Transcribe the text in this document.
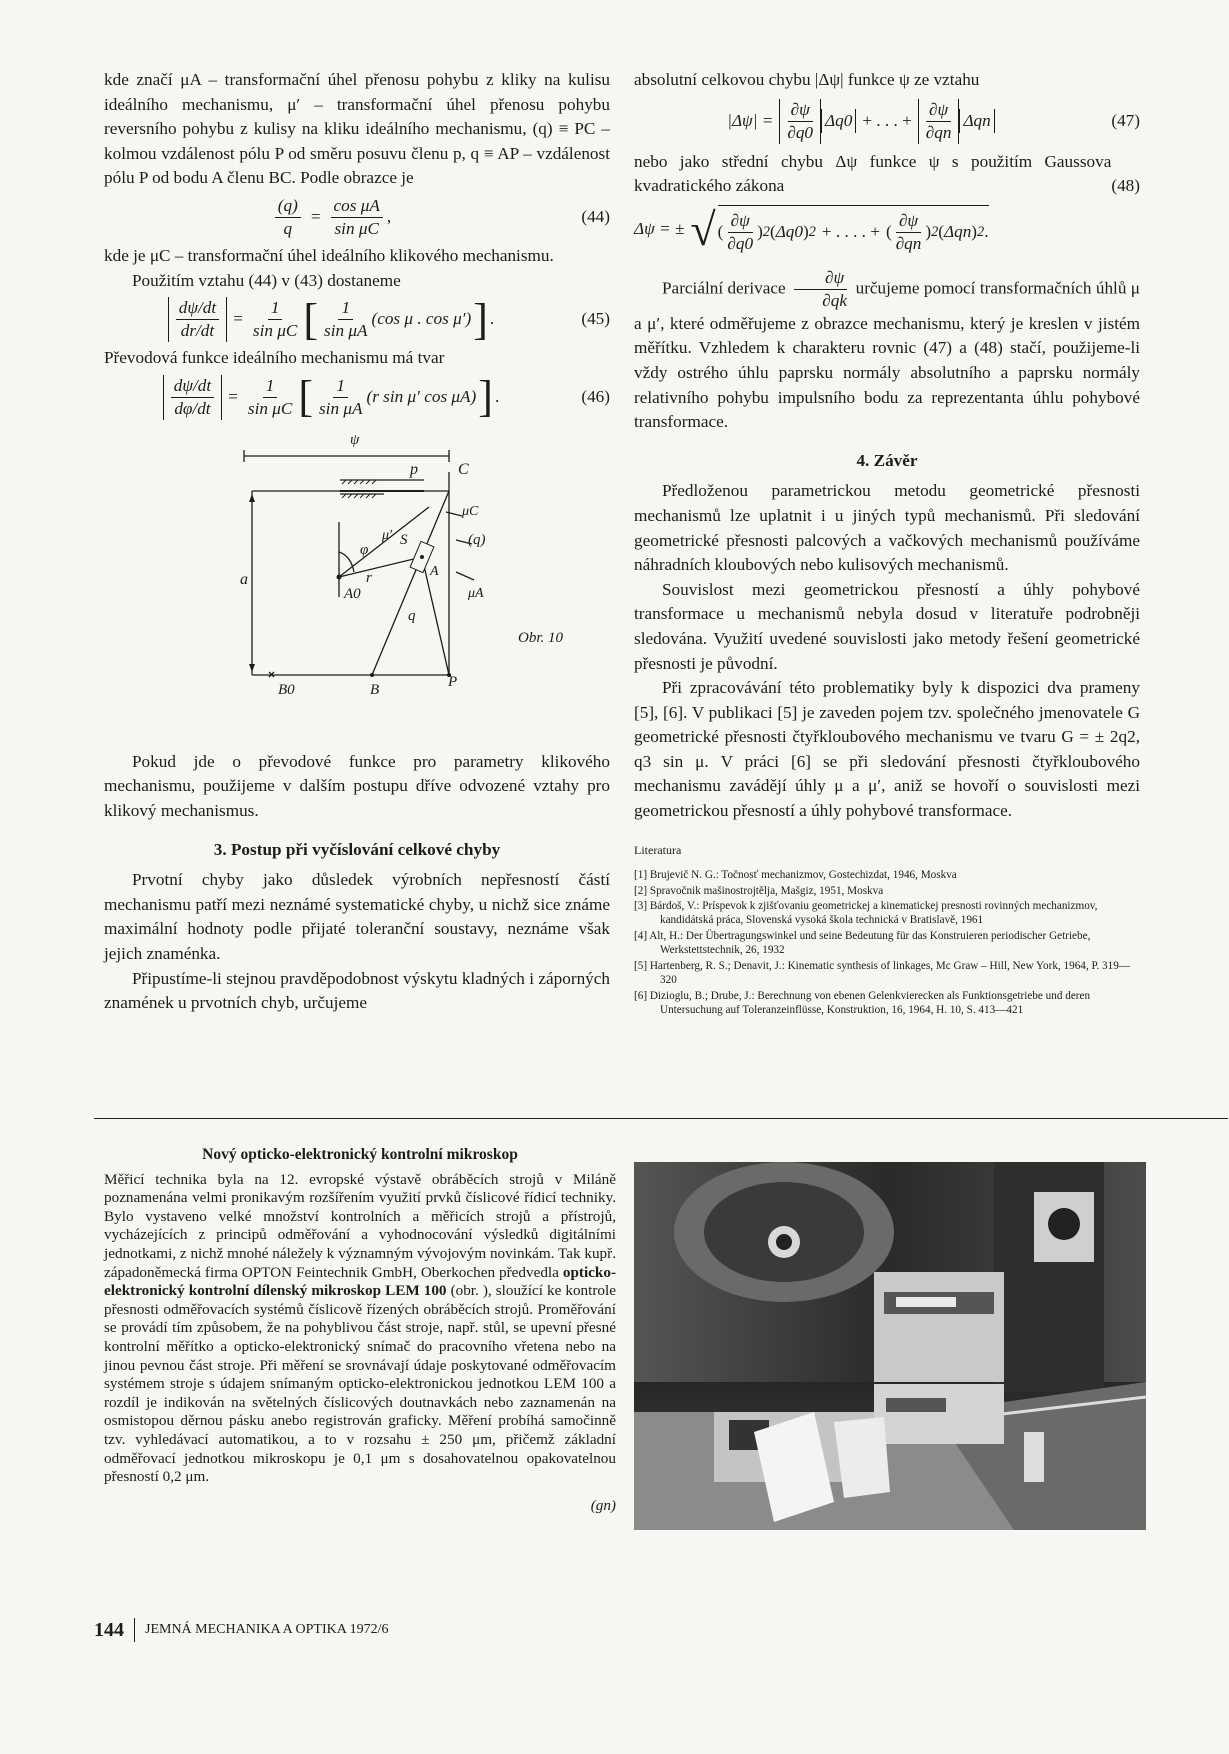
kde značí μA – transformační úhel přenosu pohybu z kliky na kulisu ideálního mechanismu, μ′ – transformační úhel přenosu pohybu reversního pohybu z kulisy na kliku ideálního mechanismu, (q) ≡ PC – kolmou vzdálenost pólu P od směru posuvu členu p, q ≡ AP – vzdálenost pólu P od bodu A členu BC. Podle obrazce je

$\frac{(q)}{q} = \frac{\text{cos μA}}{\text{sin μC}}$ ,	(44)

kde je μC – transformační úhel ideálního klikového mechanismu.

Použitím vztahu (44) v (43) dostaneme

$\frac{d\psi/dt}{dr/dt} = \frac{1}{\text{sin μC}}$ [ $\frac{1}{\text{sin μA}} (\cos$ μ . cos μ′) ] .	(45)

Převodová funkce ideálního mechanismu má tvar

$\frac{d\psi/dt}{d\varphi/dt} = \frac{1}{\text{sin μC}}$ [ $\frac{1}{\text{sin μA}} (r$ sin μ′ cos μA) ] .	(46)
ψ
p	C
μC
μ′ S
φ
A
(q)
r
a
A0	μA
q
B0	B	P
Obr. 10

Pokud jde o převodové funkce pro parametry klikového mechanismu, použijeme v dalším postupu dříve odvozené vztahy pro klikový mechanismus.

3. Postup při vyčíslování celkové chyby

Prvotní chyby jako důsledek výrobních nepřesností částí mechanismu patří mezi neznámé systematické chyby, u nichž sice známe maximální hodnoty podle přijaté toleranční soustavy, neznáme však jejich znaménka.

Připustíme-li stejnou pravděpodobnost výskytu kladných i záporných znamének u prvotních chyb, určujeme

absolutní celkovou chybu |Δψ| funkce ψ ze vztahu

$|\Delta\psi| = \frac{\partial\psi}{\partial q0} \Delta q0$ + . . . + $\frac{\partial\psi}{\partial qn}$ Δqn	(47)

nebo jako střední chybu Δψ funkce ψ s použitím Gaussova kvadratického zákona	(48)

Δψ = ± √ ( $\frac{\partial\psi}{\partial q0}$ ) 2 ( Δq0 ) 2 + . . . . + ( $\frac{\partial\psi}{\partial qn}$ ) 2 ( Δqn ) 2 .

Parciální derivace $\frac{\partial\psi}{\partial qk}$ určujeme pomocí transformačních úhlů μ a μ′, které odměřujeme z obrazce mechanismu, který je kreslen v jistém měřítku. Vzhledem k charakteru rovnic (47) a (48) stačí, použijeme-li vždy ostrého úhlu paprsku normály absolutního a paprsku normály relativního pohybu impulsního bodu za reprezentanta úhlu pohybové transformace.

4. Závěr

Předloženou parametrickou metodu geometrické přesnosti mechanismů lze uplatnit i u jiných typů mechanismů. Při sledování geometrické přesnosti palcových a vačkových mechanismů používáme náhradních kloubových nebo kulisových mechanismů.

Souvislost mezi geometrickou přesností a úhly pohybové transformace u mechanismů nebyla dosud v literatuře podrobněji sledována. Využití uvedené souvislosti jako metody řešení geometrické přesnosti je původní.

Při zpracovávání této problematiky byly k dispozici dva prameny [5], [6]. V publikaci [5] je zaveden pojem tzv. společného jmenovatele G geometrické přesnosti čtyřkloubového mechanismu ve tvaru G = ± 2q2, q3 sin μ. V práci [6] se při sledování přesnosti čtyřkloubového mechanismu zavádějí úhly μ a μ′, aniž se hovoří o souvislosti mezi geometrickou přesností a úhly pohybové transformace.

Literatura
[1] Brujevič N. G.: Točnosť mechanizmov, Gostechizdat, 1946, Moskva
[2] Spravočnik mašinostrojtělja, Mašgiz, 1951, Moskva
[3] Bárdoš, V.: Príspevok k zjišťovaniu geometrickej a kinematickej presnosti rovinných mechanizmov, kandidátská práca, Slovenská vysoká škola technická v Bratislavě, 1961
[4] Alt, H.: Der Übertragungswinkel und seine Bedeutung für das Konstruieren periodischer Getriebe, Werkstettstechnik, 26, 1932
[5] Hartenberg, R. S.; Denavit, J.: Kinematic synthesis of linkages, Mc Graw – Hill, New York, 1964, P. 319—320
[6] Dizioglu, B.; Drube, J.: Berechnung von ebenen Gelenkvierecken als Funktionsgetriebe und deren Untersuchung auf Toleranzeinflüsse, Konstruktion, 16, 1964, H. 10, S. 413—421
Nový opticko-elektronický kontrolní mikroskop

Měřicí technika byla na 12. evropské výstavě obráběcích strojů v Miláně poznamenána velmi pronikavým rozšířením využití prvků číslicové řídicí techniky. Bylo vystaveno velké množství kontrolních a měřicích strojů a přístrojů, vycházejících z principů odměřování a vyhodnocování výsledků digitálními jednotkami, z nichž mnohé náležely k významným vývojovým novinkám. Tak kupř. západoněmecká firma OPTON Feintechnik GmbH, Oberkochen předvedla opticko-elektronický kontrolní dílenský mikroskop LEM 100 (obr. ), sloužící ke kontrole přesnosti odměřovacích systémů číslicově řízených obráběcích strojů. Proměřování se provádí tím způsobem, že na pohyblivou část stroje, např. stůl, se upevní přesné kontrolní měřítko a opticko-elektronický snímač do pracovního vřetena nebo na jinou pevnou část stroje. Při měření se srovnávají údaje poskytované odměřovacím systémem stroje s údajem snímaným opticko-elektronickou jednotkou LEM 100 a rozdíl je indikován na světelných číslicových doutnavkách nebo zaznamenán na osmistopou děrnou pásku anebo registrován graficky. Měření probíhá samočinně tzv. vyhledávací automatikou, a to v rozsahu ± 250 μm, přičemž základní odměřovací jednotkou mikroskopu je 0,1 μm s dosahovatelnou opakovatelnou přesností 0,2 μm.

(gn)
144 JEMNÁ MECHANIKA A OPTIKA 1972/6
